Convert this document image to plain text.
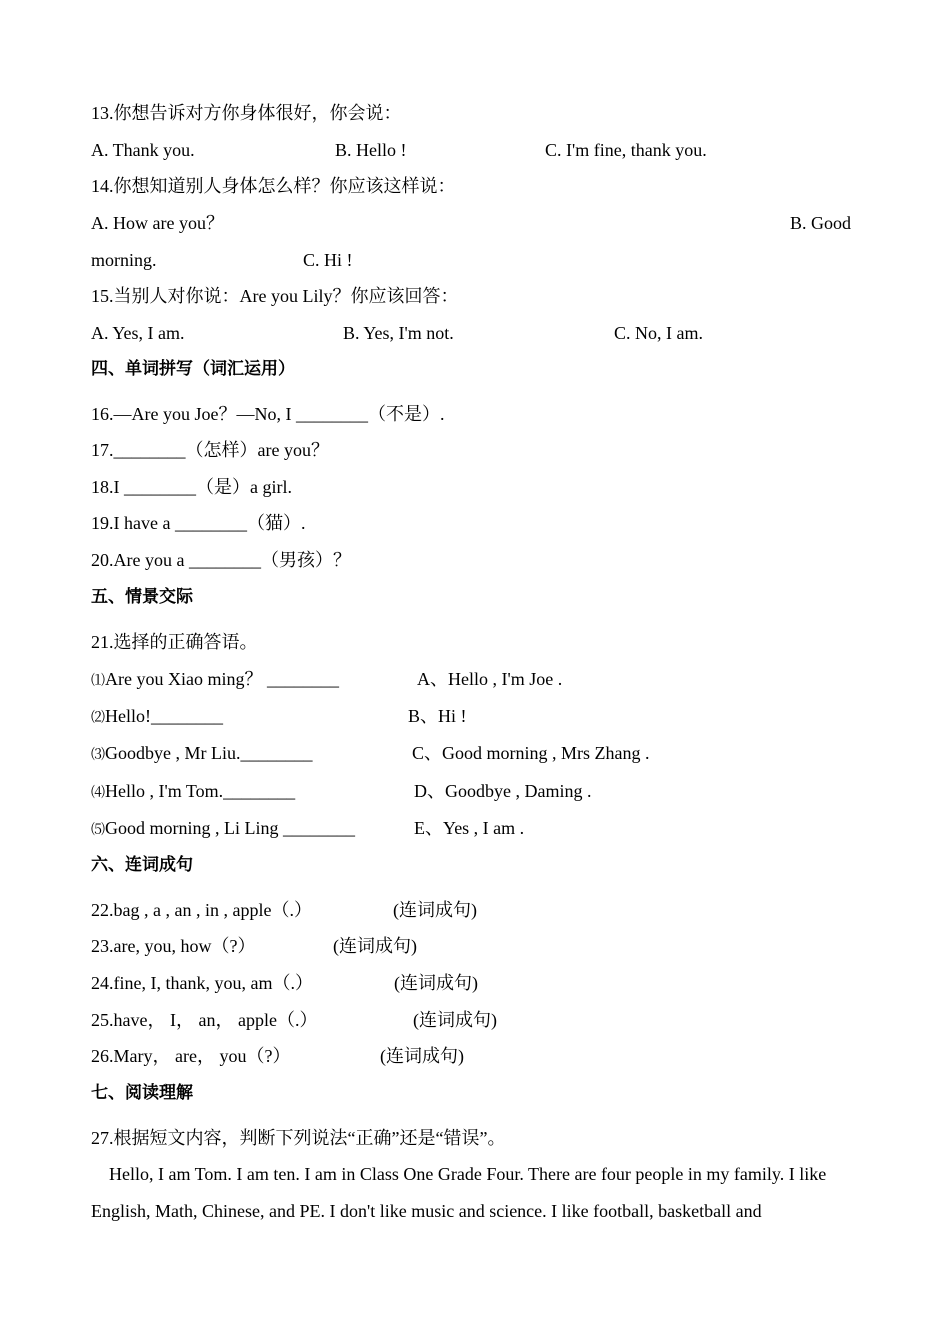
13.你想告诉对方你身体很好，你会说：
A. Thank you.	B. Hello !	C. I'm fine, thank you.
14.你想知道别人身体怎么样？你应该这样说：
A. How are you？	B. Good
morning.	C. Hi !
15.当别人对你说：Are you Lily？你应该回答：
A. Yes, I am.	B. Yes, I'm not.	C. No, I am.
四、单词拼写（词汇运用）
16.—Are you Joe？—No, I ________（不是）.
17.________（怎样）are you？
18.I ________（是）a girl.
19.I have a ________（猫）.
20.Are you a ________（男孩）？
五、情景交际
21.选择的正确答语。
⑴Are you Xiao ming？ ________	A、Hello , I'm Joe .
⑵Hello!________	B、Hi !
⑶Goodbye , Mr Liu.________	C、Good morning , Mrs Zhang .
⑷Hello , I'm Tom.________	D、Goodbye , Daming .
⑸Good morning , Li Ling ________	E、Yes , I am .
六、连词成句
22.bag , a , an , in , apple（.）	(连词成句)
23.are, you, how（?）	(连词成句)
24.fine, I, thank, you, am（.）	(连词成句)
25.have， I， an， apple（.）	(连词成句)
26.Mary， are， you（?）	(连词成句)
七、阅读理解
27.根据短文内容，判断下列说法“正确”还是“错误”。
Hello, I am Tom. I am ten. I am in Class One Grade Four. There are four people in my family. I like English, Math, Chinese, and PE. I don't like music and science. I like football, basketball and
